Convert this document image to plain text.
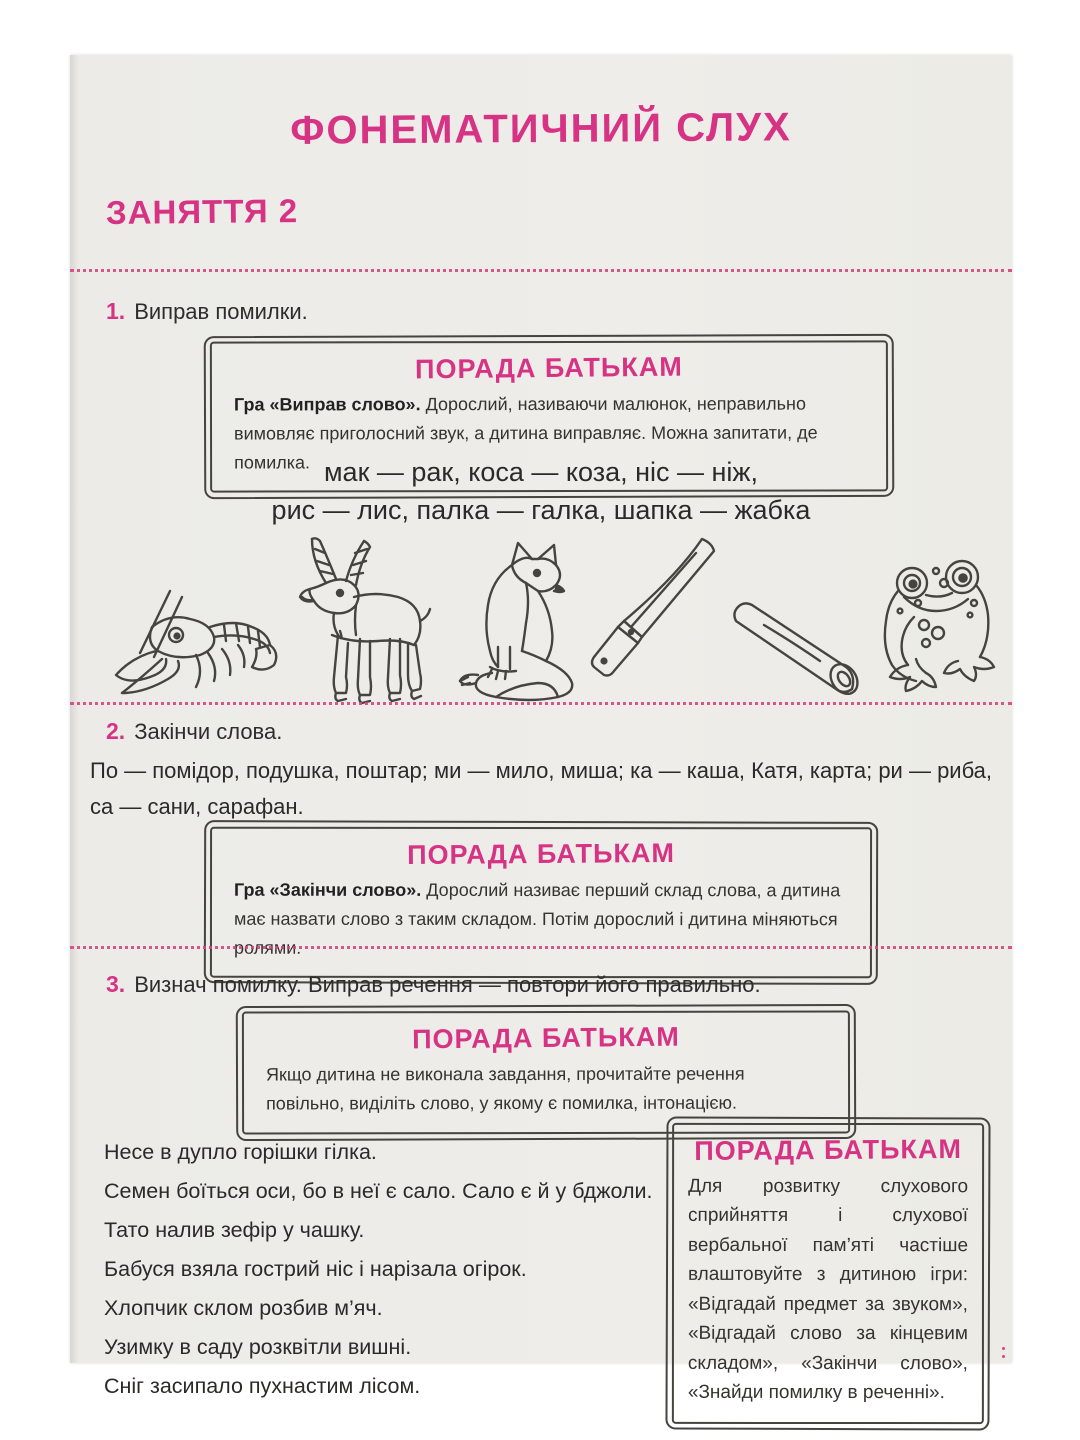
ФОНЕМАТИЧНИЙ СЛУХ
ЗАНЯТТЯ 2
1. Виправ помилки.
ПОРАДА БАТЬКАМ

Гра «Виправ слово». Дорослий, називаючи малюнок, неправильно вимовляє приголосний звук, а дитина виправляє. Можна запитати, де помилка. мак — рак, коса — коза, ніс — ніж,
рис — лис, палка — галка, шапка — жабка
2. Закінчи слова.
По — помідор, подушка, поштар; ми — мило, миша; ка — каша, Катя, карта; ри — риба, са — сани, сарафан.
ПОРАДА БАТЬКАМ

Гра «Закінчи слово». Дорослий називає перший склад слова, а дитина має назвати слово з таким складом. Потім дорослий і дитина міняються ролями.

3. Визнач помилку. Виправ речення — повтори його правильно.
ПОРАДА БАТЬКАМ

Якщо дитина не виконала завдання, прочитайте речення повільно, виділіть слово, у якому є помилка, інтонацією.

Несе в дупло горішки гілка.
Семен боїться оси, бо в неї є сало. Сало є й у бджоли.
Тато налив зефір у чашку.
Бабуся взяла гострий ніс і нарізала огірок.
Хлопчик склом розбив м’яч.
Узимку в саду розквітли вишні.
Сніг засипало пухнастим лісом.
ПОРАДА БАТЬКАМ

Для розвитку слухового сприйняття і слухової вербальної пам’яті частіше влаштовуйте з дитиною ігри: «Відгадай предмет за звуком», «Відгадай слово за кінцевим складом», «Закінчи слово», «Знайди помилку в реченні».
